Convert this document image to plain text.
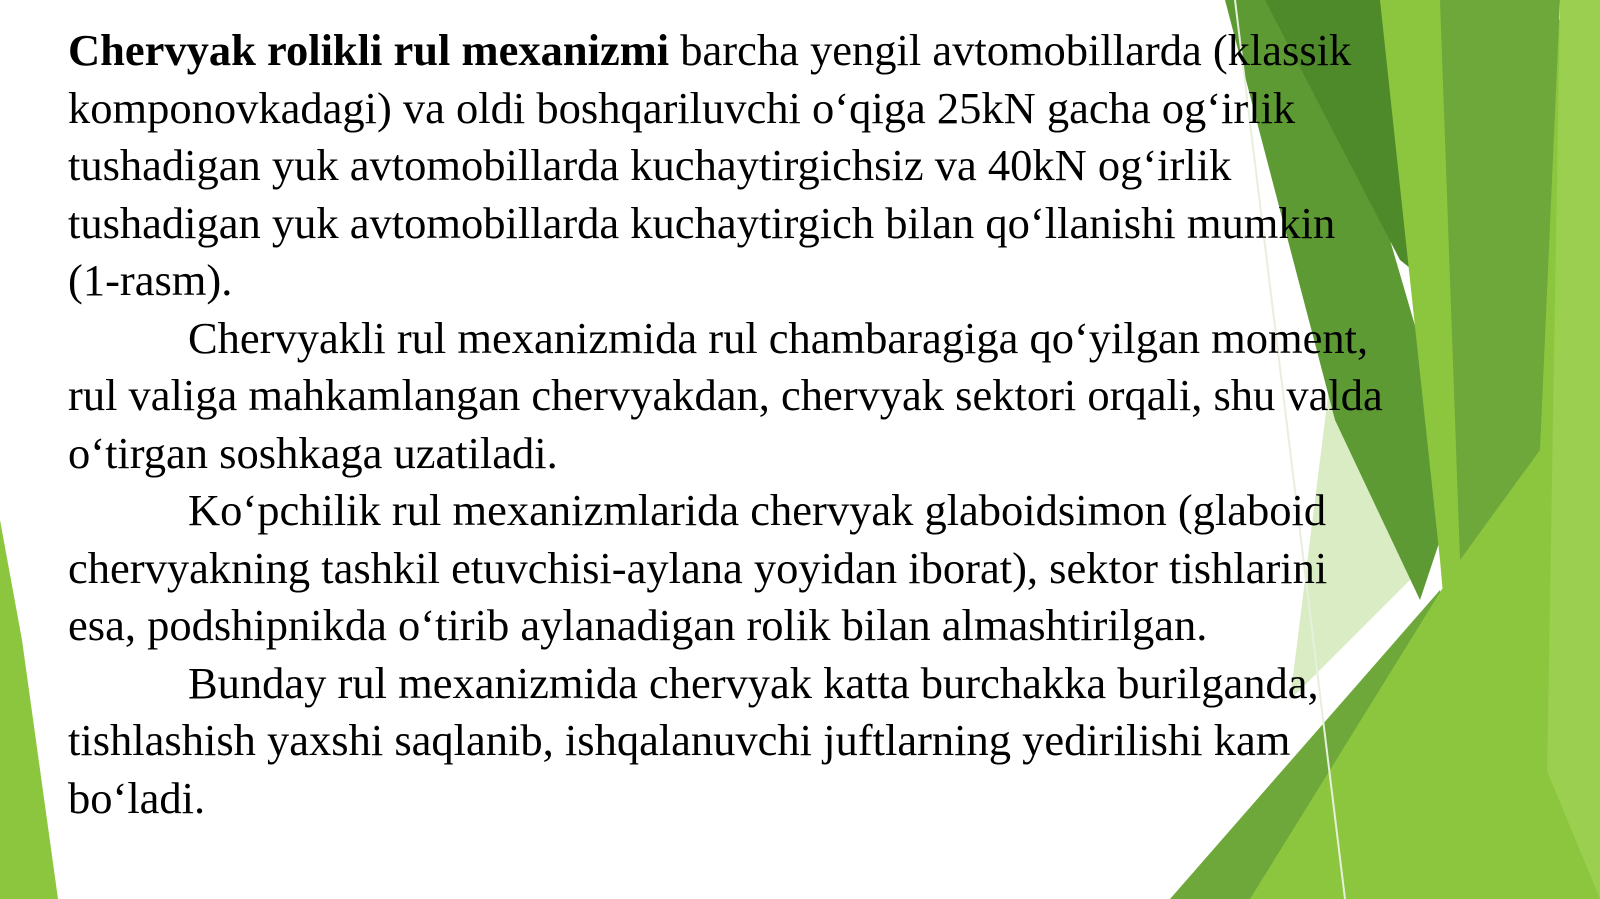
Chervyak rolikli rul mexanizmi barcha yengil avtomobillarda (klassik komponovkadagi) va oldi boshqariluvchi o‘qiga 25kN gacha og‘irlik tushadigan yuk avtomobillarda kuchaytirgichsiz va 40kN og‘irlik tushadigan yuk avtomobillarda kuchaytirgich bilan qo‘llanishi mumkin (1-rasm).

Chervyakli rul mexanizmida rul chambaragiga qo‘yilgan moment, rul valiga mahkamlangan chervyakdan, chervyak sektori orqali, shu valda o‘tirgan soshkaga uzatiladi.

Ko‘pchilik rul mexanizmlarida chervyak glaboidsimon (glaboid chervyakning tashkil etuvchisi-aylana yoyidan iborat), sektor tishlarini esa, podshipnikda o‘tirib aylanadigan rolik bilan almashtirilgan.

Bunday rul mexanizmida chervyak katta burchakka burilganda, tishlashish yaxshi saqlanib, ishqalanuvchi juftlarning yedirilishi kam bo‘ladi.
